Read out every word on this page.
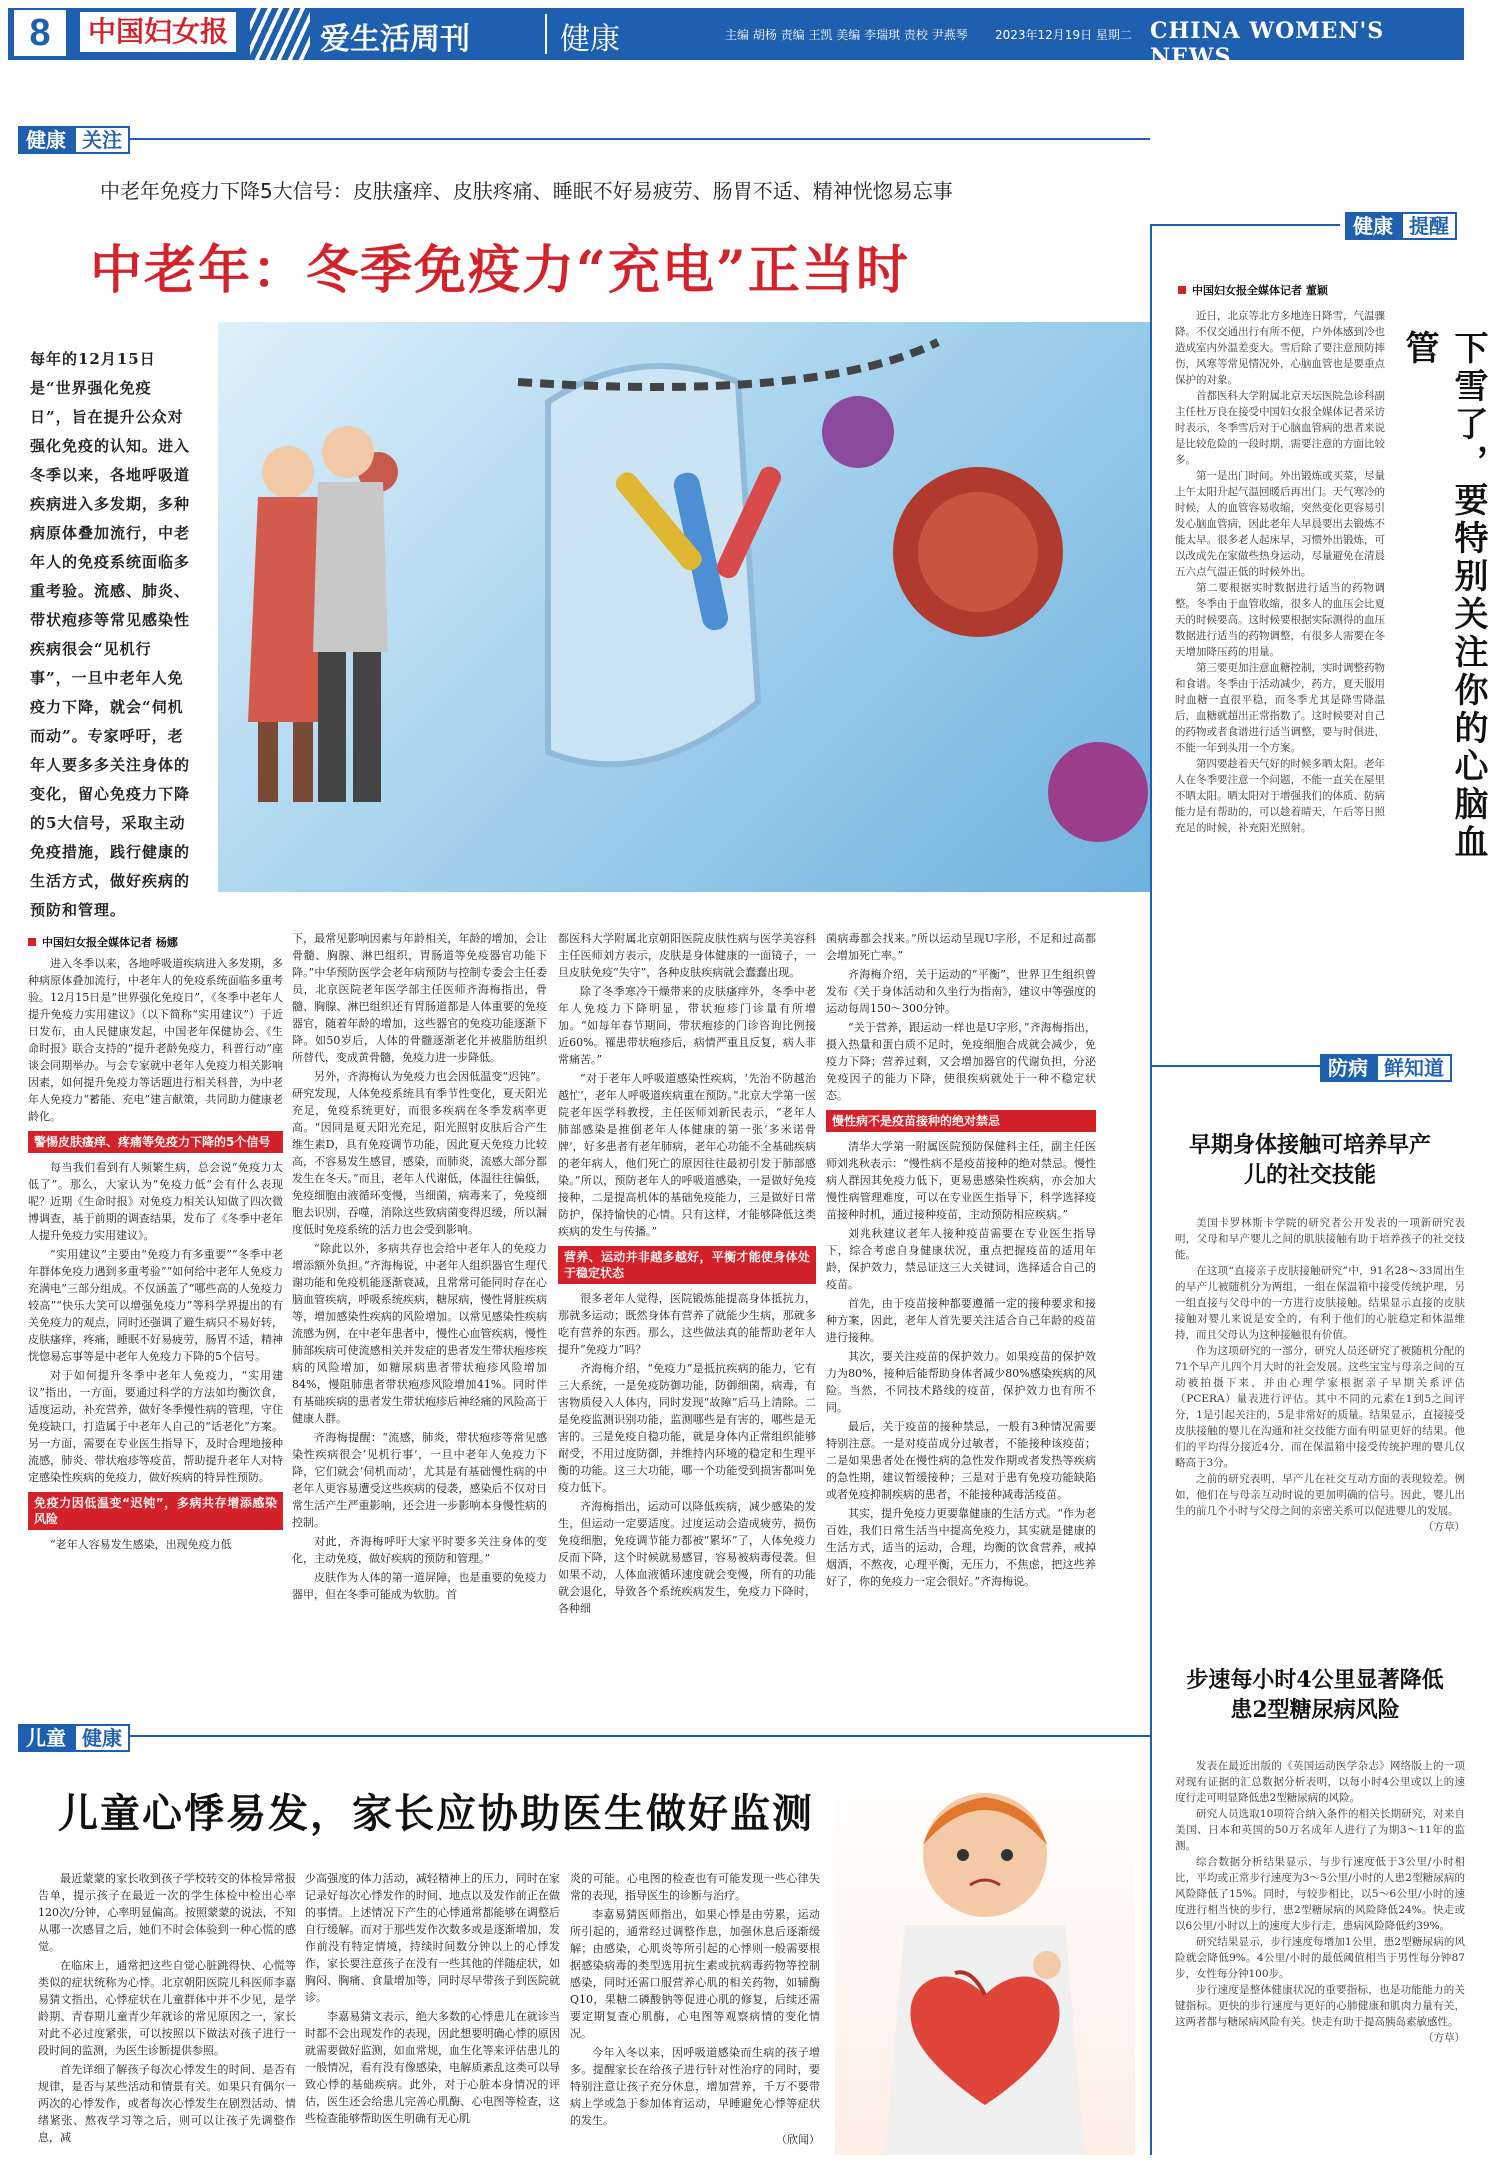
8	中国妇女报	爱生活周刊	健康	主编 胡杨 责编 王凯 美编 李瑞琪 责校 尹燕琴 2023年12月19日 星期二 CHINA WOMEN'S NEWS
健康 关注
中老年免疫力下降5大信号：皮肤瘙痒、皮肤疼痛、睡眠不好易疲劳、肠胃不适、精神恍惚易忘事
中老年：冬季免疫力“充电”正当时
每年的12月15日是“世界强化免疫日”，旨在提升公众对强化免疫的认知。进入冬季以来，各地呼吸道疾病进入多发期，多种病原体叠加流行，中老年人的免疫系统面临多重考验。流感、肺炎、带状疱疹等常见感染性疾病很会“见机行事”，一旦中老年人免疫力下降，就会“伺机而动”。专家呼吁，老年人要多多关注身体的变化，留心免疫力下降的5大信号，采取主动免疫措施，践行健康的生活方式，做好疾病的预防和管理。
中国妇女报全媒体记者 杨娜

进入冬季以来，各地呼吸道疾病进入多发期，多种病原体叠加流行，中老年人的免疫系统面临多重考验。12月15日是“世界强化免疫日”，《冬季中老年人提升免疫力实用建议》（以下简称“实用建议”）于近日发布，由人民健康发起，中国老年保健协会、《生命时报》联合支持的“提升老龄免疫力，科普行动”座谈会同期举办。与会专家就中老年人免疫力相关影响因素，如何提升免疫力等话题进行相关科普，为中老年人免疫力“蓄能、充电”建言献策，共同助力健康老龄化。

警惕皮肤瘙痒、疼痛等免疫力下降的5个信号

每当我们看到有人频繁生病，总会说“免疫力太低了”。那么，大家认为“免疫力低”会有什么表现呢？近期《生命时报》对免疫力相关认知做了四次微博调查，基于前期的调查结果，发布了《冬季中老年人提升免疫力实用建议》。

“实用建议”主要由“免疫力有多重要”“冬季中老年群体免疫力遇到多重考验”“如何给中老年人免疫力充满电”三部分组成。不仅涵盖了“哪些高的人免疫力较高”“快乐大笑可以增强免疫力”等科学界提出的有关免疫力的观点，同时还强调了避生病只不易好转，皮肤瘙痒，疼痛，睡眠不好易疲劳，肠胃不适，精神恍惚易忘事等是中老年人免疫力下降的5个信号。

对于如何提升冬季中老年人免疫力，“实用建议”指出，一方面，要通过科学的方法如均衡饮食，适度运动，补充营养，做好冬季慢性病的管理，守住免疫缺口，打造属于中老年人自己的“话老化”方案。另一方面，需要在专业医生指导下，及时合理地接种流感，肺炎、带状疱疹等疫苗，帮助提升老年人对特定感染性疾病的免疫力，做好疾病的特异性预防。

免疫力因低温变“迟钝”，多病共存增添感染风险

“老年人容易发生感染，出现免疫力低

下，最常见影响因素与年龄相关，年龄的增加，会让骨髓、胸腺、淋巴组织，胃肠道等免疫器官功能下降。”中华预防医学会老年病预防与控制专委会主任委员，北京医院老年医学部主任医师齐海梅指出，骨髓、胸腺、淋巴组织还有胃肠道都是人体重要的免疫器官，随着年龄的增加，这些器官的免疫功能逐渐下降。如50岁后，人体的骨髓逐渐老化并被脂肪组织所替代，变成黄骨髓，免疫力进一步降低。

另外，齐海梅认为免疫力也会因低温变“迟钝”。研究发现，人体免疫系统具有季节性变化，夏天阳光充足，免疫系统更好，而很多疾病在冬季发病率更高。“因同是夏天阳光充足，阳光照射皮肤后合产生维生素D，具有免疫调节功能，因此夏天免疫力比较高，不容易发生感冒，感染，而肺炎，流感大部分都发生在冬天。”而且，老年人代谢低，体温往往偏低，免疫细胞由液循环变慢，当细菌，病毒来了，免疫细胞去识别，吞噬，消除这些致病菌变得迟缓，所以漏度低时免疫系统的活力也会受到影响。

“除此以外，多病共存也会给中老年人的免疫力增添额外负担。”齐海梅说，中老年人组织器官生理代谢功能和免疫机能逐渐衰减，且常常可能同时存在心脑血管疾病，呼吸系统疾病，糖尿病，慢性肾脏疾病等，增加感染性疾病的风险增加。以常见感染性疾病流感为例，在中老年患者中，慢性心血管疾病，慢性肺部疾病可使流感相关并发症的患者发生带状疱疹疾病的风险增加，如糖尿病患者带状疱疹风险增加84%，慢阻肺患者带状疱疹风险增加41%。同时伴有基础疾病的患者发生带状疱疹后神经痛的风险高于健康人群。

齐海梅提醒：“流感，肺炎，带状疱疹等常见感染性疾病很会‘见机行事’，一旦中老年人免疫力下降，它们就会‘伺机而动’，尤其是有基础慢性病的中老年人更容易遭受这些疾病的侵袭，感染后不仅对日常生活产生严重影响，还会进一步影响本身慢性病的控制。

对此，齐海梅呼吁大家平时要多关注身体的变化，主动免疫，做好疾病的预防和管理。”

皮肤作为人体的第一道屏障，也是重要的免疫力器甲，但在冬季可能成为软肋。首

都医科大学附属北京朝阳医院皮肤性病与医学美容科主任医师刘方表示，皮肤是身体健康的一面镜子，一旦皮肤免疫“失守”，各种皮肤疾病就会蠢蠢出现。

除了冬季寒冷干燥带来的皮肤瘙痒外，冬季中老年人免疫力下降明显，带状疱疹门诊量有所增加。“如每年春节期间，带状疱疹的门诊咨询比例接近60%。罹患带状疱疹后，病情严重且反复，病人非常痛苦。”

“对于老年人呼吸道感染性疾病，‘先治不防越治越忙’，老年人呼吸道疾病重在预防。”北京大学第一医院老年医学科教授，主任医师刘新民表示，“老年人肺部感染是推倒老年人体健康的第一张‘多米诺骨牌’，好多患者有老年肺病，老年心功能不全基础疾病的老年病人，他们死亡的原因往往最初引发于肺部感染。”所以，预防老年人的呼吸道感染，一是做好免疫接种，二是提高机体的基础免疫能力，三是做好日常防护，保持愉快的心情。只有这样，才能够降低这类疾病的发生与传播。”

营养、运动并非越多越好，平衡才能使身体处于稳定状态

很多老年人觉得，医院锻炼能提高身体抵抗力，那就多运动；既然身体有营养了就能少生病，那就多吃有营养的东西。那么，这些做法真的能帮助老年人提升“免疫力”吗？

齐海梅介绍，“免疫力”是抵抗疾病的能力，它有三大系统，一是免疫防御功能，防御细菌，病毒，有害物质侵入人体内，同时发现“故障”后马上清除。二是免疫监测识别功能，监测哪些是有害的，哪些是无害的。三是免疫自稳功能，就是身体内正常组织能够耐受，不用过度防御，并维持内环境的稳定和生理平衡的功能。这三大功能，哪一个功能受到损害都叫免疫力低下。

齐海梅指出，运动可以降低疾病，减少感染的发生，但运动一定要适度。过度运动会造成疲劳，损伤免疫细胞，免疫调节能力都被“累坏”了，人体免疫力反而下降，这个时候就易感冒，容易被病毒侵袭。但如果不动，人体血液循环速度就会变慢，所有的功能就会退化，导致各个系统疾病发生，免疫力下降时，各种细

菌病毒都会找来。”所以运动呈现U字形，不足和过高都会增加死亡率。”

齐海梅介绍，关于运动的“平衡”，世界卫生组织曾发布《关于身体活动和久坐行为指南》，建议中等强度的运动每周150～300分钟。

“关于营养，跟运动一样也是U字形，”齐海梅指出，摄入热量和蛋白质不足时，免疫细胞合成就会减少，免疫力下降；营养过剩，又会增加器官的代谢负担，分泌免疫因子的能力下降，使很疾病就处于一种不稳定状态。

慢性病不是疫苗接种的绝对禁忌

清华大学第一附属医院预防保健科主任，副主任医师刘兆秋表示：“慢性病不是疫苗接种的绝对禁忌。慢性病人群因其免疫力低下，更易患感染性疾病，亦会加大慢性病管理难度，可以在专业医生指导下，科学选择疫苗接种时机，通过接种疫苗，主动预防相应疾病。”

刘兆秋建议老年人接种疫苗需要在专业医生指导下，综合考虑自身健康状况，重点把握疫苗的适用年龄，保护效力，禁忌证这三大关键词，选择适合自己的疫苗。

首先，由于疫苗接种都要遵循一定的接种要求和接种方案，因此，老年人首先要关注适合自己年龄的疫苗进行接种。

其次，要关注疫苗的保护效力。如果疫苗的保护效力为80%，接种后能帮助身体者减少80%感染疾病的风险。当然，不同技术路线的疫苗，保护效力也有所不同。

最后，关于疫苗的接种禁忌，一般有3种情况需要特别注意。一是对疫苗成分过敏者，不能接种该疫苗；二是如果患者处在慢性病的急性发作期或者发热等疾病的急性期，建议暂缓接种；三是对于患有免疫功能缺陷或者免疫抑制疾病的患者，不能接种减毒活疫苗。

其实，提升免疫力更要靠健康的生活方式。“作为老百姓，我们日常生活当中提高免疫力，其实就是健康的生活方式，适当的运动，合理，均衡的饮食营养，戒掉烟酒，不熬夜，心理平衡，无压力，不焦虑，把这些养好了，你的免疫力一定会很好。”齐海梅说。

健康 提醒
中国妇女报全媒体记者 董颖

近日，北京等北方多地连日降雪，气温骤降。不仅交通出行有所不便，户外体感到冷也造成室内外温差变大。雪后除了要注意预防摔伤，风寒等常见情况外，心脑血管也是要重点保护的对象。

首都医科大学附属北京天坛医院急诊科副主任杜万良在接受中国妇女报全媒体记者采访时表示，冬季雪后对于心脑血管病的患者来说是比较危险的一段时期，需要注意的方面比较多。

第一是出门时间。外出锻炼或买菜，尽量上午太阳升起气温回暖后再出门。天气寒冷的时候，人的血管容易收缩，突然变化更容易引发心脑血管病，因此老年人早晨要出去锻炼不能太早。很多老人起床早，习惯外出锻炼，可以改成先在家做些热身运动，尽量避免在清晨五六点气温正低的时候外出。

第二要根据实时数据进行适当的药物调整。冬季由于血管收缩，很多人的血压会比夏天的时候要高。这时候要根据实际测得的血压数据进行适当的药物调整，有很多人需要在冬天增加降压药的用量。

第三要更加注意血糖控制，实时调整药物和食谱。冬季由于活动减少，药方，夏天服用时血糖一直很平稳，而冬季尤其是降雪降温后，血糖就超出正常指数了。这时候要对自己的药物或者食谱进行适当调整，要与时俱进，不能一年到头用一个方案。

第四要趁着天气好的时候多晒太阳。老年人在冬季要注意一个问题，不能一直关在屋里不晒太阳。晒太阳对于增强我们的体质、防病能力是有帮助的，可以趁着晴天，午后等日照充足的时候，补充阳光照射。	下雪了，要特别关注你的心脑血管
防病 鲜知道
早期身体接触可培养早产儿的社交技能

美国卡罗林斯卡学院的研究者公开发表的一项新研究表明，父母和早产婴儿之间的肌肤接触有助于培养孩子的社交技能。

在这项“直接亲子皮肤接触研究”中，91名28～33周出生的早产儿被随机分为两组，一组在保温箱中接受传统护理，另一组直接与父母中的一方进行皮肤接触。结果显示直接的皮肤接触对婴儿来说是安全的，有利于他们的心脏稳定和体温维持，而且父母认为这种接触很有价值。

作为这项研究的一部分，研究人员还研究了被随机分配的71个早产儿四个月大时的社会发展。这些宝宝与母亲之间的互动被拍摄下来，并由心理学家根据亲子早期关系评估（PCERA）量表进行评估。其中不同的元素在1到5之间评分，1是引起关注的，5是非常好的质量。结果显示，直接接受皮肤接触的婴儿在沟通和社交技能方面有明显更好的结果。他们的平均得分接近4分，而在保温箱中接受传统护理的婴儿仅略高于3分。

之前的研究表明，早产儿在社交互动方面的表现较差。例如，他们在与母亲互动时说的更加明确的信号。因此，婴儿出生的前几个小时与父母之间的亲密关系可以促进婴儿的发展。

（方草）
步速每小时4公里显著降低患2型糖尿病风险

发表在最近出版的《英国运动医学杂志》网络版上的一项对现有证据的汇总数据分析表明，以每小时4公里或以上的速度行走可明显降低患2型糖尿病的风险。

研究人员选取10项符合纳入条件的相关长期研究，对来自美国、日本和英国的50万名成年人进行了为期3～11年的监测。

综合数据分析结果显示，与步行速度低于3公里/小时相比，平均或正常步行速度为3～5公里/小时的人患2型糖尿病的风险降低了15%。同时，与较步相比，以5～6公里/小时的速度进行相当快的步行，患2型糖尿病的风险降低24%。快走或以6公里/小时以上的速度大步行走，患病风险降低约39%。

研究结果显示，步行速度每增加1公里，患2型糖尿病的风险就会降低9%。4公里/小时的最低阈值相当于男性每分钟87步，女性每分钟100步。

步行速度是整体健康状况的重要指标，也是功能能力的关键指标。更快的步行速度与更好的心肺健康和肌肉力量有关，这两者都与糖尿病风险有关。快走有助于提高胰岛素敏感性。

（方草）
儿童 健康
儿童心悸易发，家长应协助医生做好监测

最近蒙蒙的家长收到孩子学校转交的体检异常报告单，提示孩子在最近一次的学生体检中检出心率120次/分钟，心率明显偏高。按照蒙蒙的说法，不知从哪一次感冒之后，她们不时会体验到一种心慌的感觉。

在临床上，通常把这些自觉心脏跳得快、心慌等类似的症状统称为心悸。北京朝阳医院儿科医师李嘉易猜文指出，心悸症状在儿童群体中并不少见，是学龄期、青春期儿童青少年就诊的常见原因之一，家长对此不必过度紧张，可以按照以下做法对孩子进行一段时间的监测，为医生诊断提供参照。

首先详细了解孩子每次心悸发生的时间、是否有规律，是否与某些活动和情景有关。如果只有偶尔一两次的心悸发作，或者每次心悸发生在剧烈活动、情绪紧张、熬夜学习等之后，则可以让孩子先调整作息，减

少高强度的体力活动，减轻精神上的压力，同时在家记录好每次心悸发作的时间、地点以及发作前正在做的事情。上述情况下产生的心悸通常都能够在调整后自行缓解。而对于那些发作次数多或是逐渐增加，发作前没有特定情境，持续时间数分钟以上的心悸发作，家长要注意孩子在没有一些其他的伴随症状，如胸闷、胸痛、食量增加等，同时尽早带孩子到医院就诊。

李嘉易猜文表示，绝大多数的心悸患儿在就诊当时都不会出现发作的表现，因此想要明确心悸的原因就需要做好监测，如血常规，血生化等来评估患儿的一般情况，看有没有像感染，电解质紊乱这类可以导致心悸的基础疾病。此外，对于心脏本身情况的评估，医生还会给患儿完善心肌酶、心电图等检查，这些检查能够帮助医生明确有无心肌

炎的可能。心电图的检查也有可能发现一些心律失常的表现，指导医生的诊断与治疗。

李嘉易猜医师指出，如果心悸是由劳累，运动所引起的，通常经过调整作息，加强休息后逐渐缓解；由感染，心肌炎等所引起的心悸则一般需要根据感染病毒的类型选用抗生素或抗病毒药物等控制感染，同时还需口服营养心肌的相关药物，如辅酶Q10，果糖二磷酸钠等促进心肌的修复，后续还需要定期复查心肌酶，心电图等观察病情的变化情况。

今年入冬以来，因呼吸道感染而生病的孩子增多。提醒家长在给孩子进行针对性治疗的同时，要特别注意让孩子充分休息，增加营养，千万不要带病上学或急于参加体育运动，早睡避免心悸等症状的发生。

（欣闻）
